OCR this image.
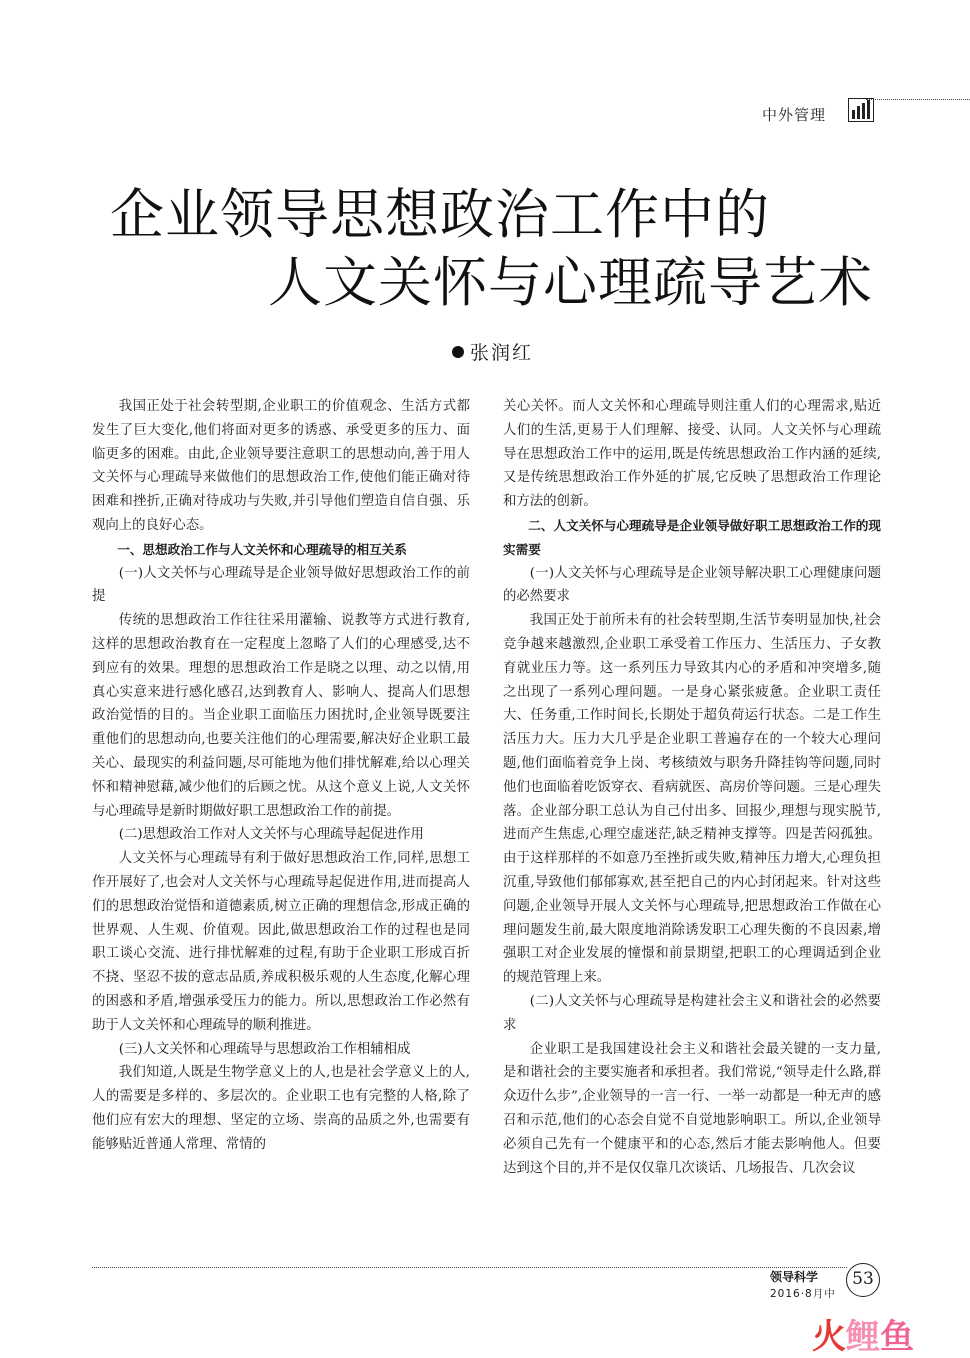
中外管理
企业领导思想政治工作中的
人文关怀与心理疏导艺术
张润红

我国正处于社会转型期,企业职工的价值观念、生活方式都发生了巨大变化,他们将面对更多的诱惑、承受更多的压力、面临更多的困难。由此,企业领导要注意职工的思想动向,善于用人文关怀与心理疏导来做他们的思想政治工作,使他们能正确对待困难和挫折,正确对待成功与失败,并引导他们塑造自信自强、乐观向上的良好心态。

一、思想政治工作与人文关怀和心理疏导的相互关系

(一)人文关怀与心理疏导是企业领导做好思想政治工作的前提

传统的思想政治工作往往采用灌输、说教等方式进行教育,这样的思想政治教育在一定程度上忽略了人们的心理感受,达不到应有的效果。理想的思想政治工作是晓之以理、动之以情,用真心实意来进行感化感召,达到教育人、影响人、提高人们思想政治觉悟的目的。当企业职工面临压力困扰时,企业领导既要注重他们的思想动向,也要关注他们的心理需要,解决好企业职工最关心、最现实的利益问题,尽可能地为他们排忧解难,给以心理关怀和精神慰藉,减少他们的后顾之忧。从这个意义上说,人文关怀与心理疏导是新时期做好职工思想政治工作的前提。

(二)思想政治工作对人文关怀与心理疏导起促进作用

人文关怀与心理疏导有利于做好思想政治工作,同样,思想工作开展好了,也会对人文关怀与心理疏导起促进作用,进而提高人们的思想政治觉悟和道德素质,树立正确的理想信念,形成正确的世界观、人生观、价值观。因此,做思想政治工作的过程也是同职工谈心交流、进行排忧解难的过程,有助于企业职工形成百折不挠、坚忍不拔的意志品质,养成积极乐观的人生态度,化解心理的困惑和矛盾,增强承受压力的能力。所以,思想政治工作必然有助于人文关怀和心理疏导的顺利推进。

(三)人文关怀和心理疏导与思想政治工作相辅相成

我们知道,人既是生物学意义上的人,也是社会学意义上的人,人的需要是多样的、多层次的。企业职工也有完整的人格,除了他们应有宏大的理想、坚定的立场、崇高的品质之外,也需要有能够贴近普通人常理、常情的

关心关怀。而人文关怀和心理疏导则注重人们的心理需求,贴近人们的生活,更易于人们理解、接受、认同。人文关怀与心理疏导在思想政治工作中的运用,既是传统思想政治工作内涵的延续,又是传统思想政治工作外延的扩展,它反映了思想政治工作理论和方法的创新。

二、人文关怀与心理疏导是企业领导做好职工思想政治工作的现实需要

(一)人文关怀与心理疏导是企业领导解决职工心理健康问题的必然要求

我国正处于前所未有的社会转型期,生活节奏明显加快,社会竞争越来越激烈,企业职工承受着工作压力、生活压力、子女教育就业压力等。这一系列压力导致其内心的矛盾和冲突增多,随之出现了一系列心理问题。一是身心紧张疲惫。企业职工责任大、任务重,工作时间长,长期处于超负荷运行状态。二是工作生活压力大。压力大几乎是企业职工普遍存在的一个较大心理问题,他们面临着竞争上岗、考核绩效与职务升降挂钩等问题,同时他们也面临着吃饭穿衣、看病就医、高房价等问题。三是心理失落。企业部分职工总认为自己付出多、回报少,理想与现实脱节,进而产生焦虑,心理空虚迷茫,缺乏精神支撑等。四是苦闷孤独。由于这样那样的不如意乃至挫折或失败,精神压力增大,心理负担沉重,导致他们郁郁寡欢,甚至把自己的内心封闭起来。针对这些问题,企业领导开展人文关怀与心理疏导,把思想政治工作做在心理问题发生前,最大限度地消除诱发职工心理失衡的不良因素,增强职工对企业发展的憧憬和前景期望,把职工的心理调适到企业的规范管理上来。

(二)人文关怀与心理疏导是构建社会主义和谐社会的必然要求

企业职工是我国建设社会主义和谐社会最关键的一支力量,是和谐社会的主要实施者和承担者。我们常说,“领导走什么路,群众迈什么步”,企业领导的一言一行、一举一动都是一种无声的感召和示范,他们的心态会自觉不自觉地影响职工。所以,企业领导必须自己先有一个健康平和的心态,然后才能去影响他人。但要达到这个目的,并不是仅仅靠几次谈话、几场报告、几次会议

领导科学
2016·8月中
53
火鲤鱼
